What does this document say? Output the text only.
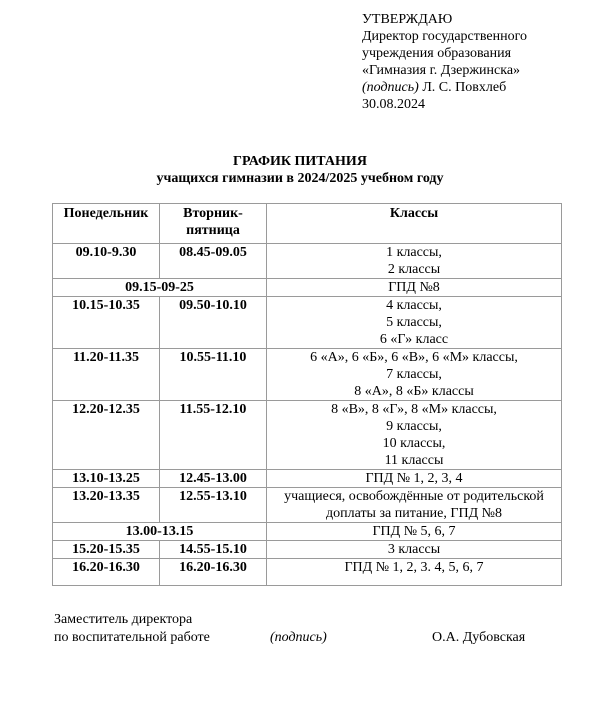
УТВЕРЖДАЮ
Директор государственного
учреждения образования
«Гимназия г. Дзержинска»
(подпись) Л. С. Повхлеб
30.08.2024
ГРАФИК ПИТАНИЯ
учащихся гимназии в 2024/2025 учебном году
Понедельник	Вторник-пятница	Классы
09.10-9.30	08.45-09.05	1 классы,
2 классы

09.15-09-25		ГПД №8

10.15-10.35	09.50-10.10	4 классы,
5 классы,
6 «Г» класс

11.20-11.35	10.55-11.10	6 «А», 6 «Б», 6 «В», 6 «М» классы,
7 классы,
8 «А», 8 «Б» классы

12.20-12.35	11.55-12.10	8 «В», 8 «Г», 8 «М» классы,
9 классы,
10 классы,
11 классы

13.10-13.25	12.45-13.00	ГПД № 1, 2, 3, 4

13.20-13.35	12.55-13.10	учащиеся, освобождённые от родительской
доплаты за питание, ГПД №8

13.00-13.15		ГПД № 5, 6, 7

15.20-15.35	14.55-15.10	3 классы

16.20-16.30	16.20-16.30	ГПД № 1, 2, 3. 4, 5, 6, 7
Заместитель директора
по воспитательной работе	(подпись)	О.А. Дубовская
